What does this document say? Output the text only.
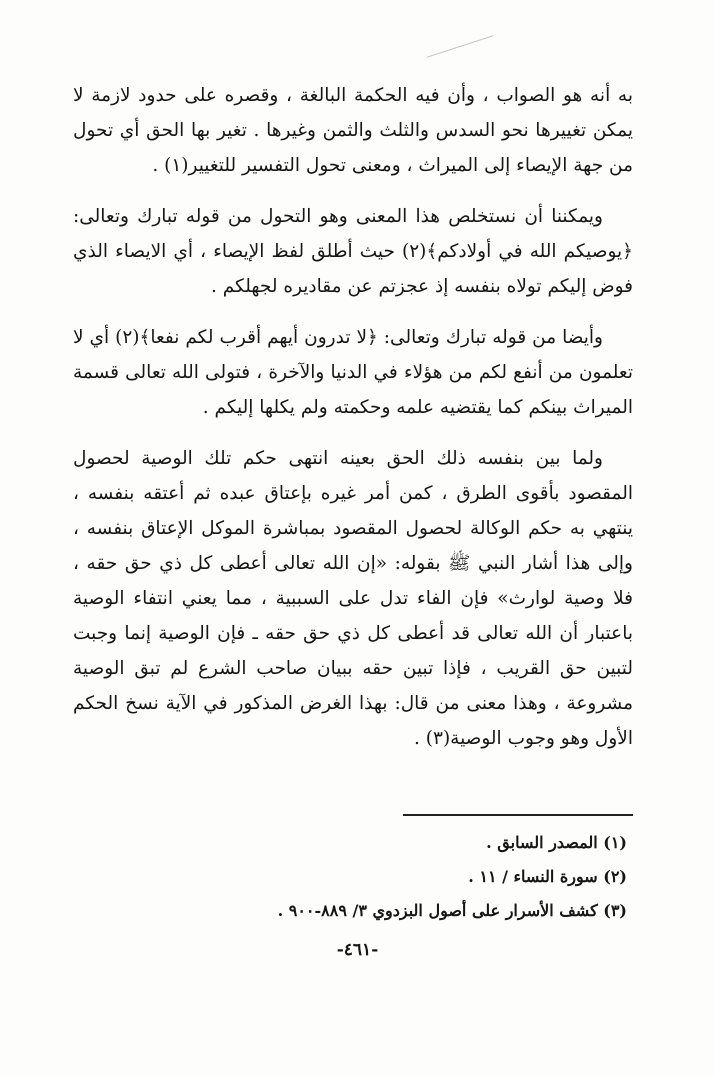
به أنه هو الصواب ، وأن فيه الحكمة البالغة ، وقصره على حدود لازمة لا يمكن تغييرها نحو السدس والثلث والثمن وغيرها . تغير بها الحق أي تحول من جهة الإيصاء إلى الميراث ، ومعنى تحول التفسير للتغيير(١) .

ويمكننا أن نستخلص هذا المعنى وهو التحول من قوله تبارك وتعالى: ﴿يوصيكم الله في أولادكم﴾(٢) حيث أطلق لفظ الإيصاء ، أي الايصاء الذي فوض إليكم تولاه بنفسه إذ عجزتم عن مقاديره لجهلكم .

وأيضا من قوله تبارك وتعالى: ﴿لا تدرون أيهم أقرب لكم نفعا﴾(٢) أي لا تعلمون من أنفع لكم من هؤلاء في الدنيا والآخرة ، فتولى الله تعالى قسمة الميراث بينكم كما يقتضيه علمه وحكمته ولم يكلها إليكم .

ولما بين بنفسه ذلك الحق بعينه انتهى حكم تلك الوصية لحصول المقصود بأقوى الطرق ، كمن أمر غيره بإعتاق عبده ثم أعتقه بنفسه ، ينتهي به حكم الوكالة لحصول المقصود بمباشرة الموكل الإعتاق بنفسه ، وإلى هذا أشار النبي ﷺ بقوله: «إن الله تعالى أعطى كل ذي حق حقه ، فلا وصية لوارث» فإن الفاء تدل على السببية ، مما يعني انتفاء الوصية باعتبار أن الله تعالى قد أعطى كل ذي حق حقه ـ فإن الوصية إنما وجبت لتبين حق القريب ، فإذا تبين حقه ببيان صاحب الشرع لم تبق الوصية مشروعة ، وهذا معنى من قال: بهذا الغرض المذكور في الآية نسخ الحكم الأول وهو وجوب الوصية(٣) .

(١) المصدر السابق .

(٢) سورة النساء / ١١ .

(٣) كشف الأسرار على أصول البزدوي ٣/ ٨٨٩-٩٠٠ .

-٤٦١-
